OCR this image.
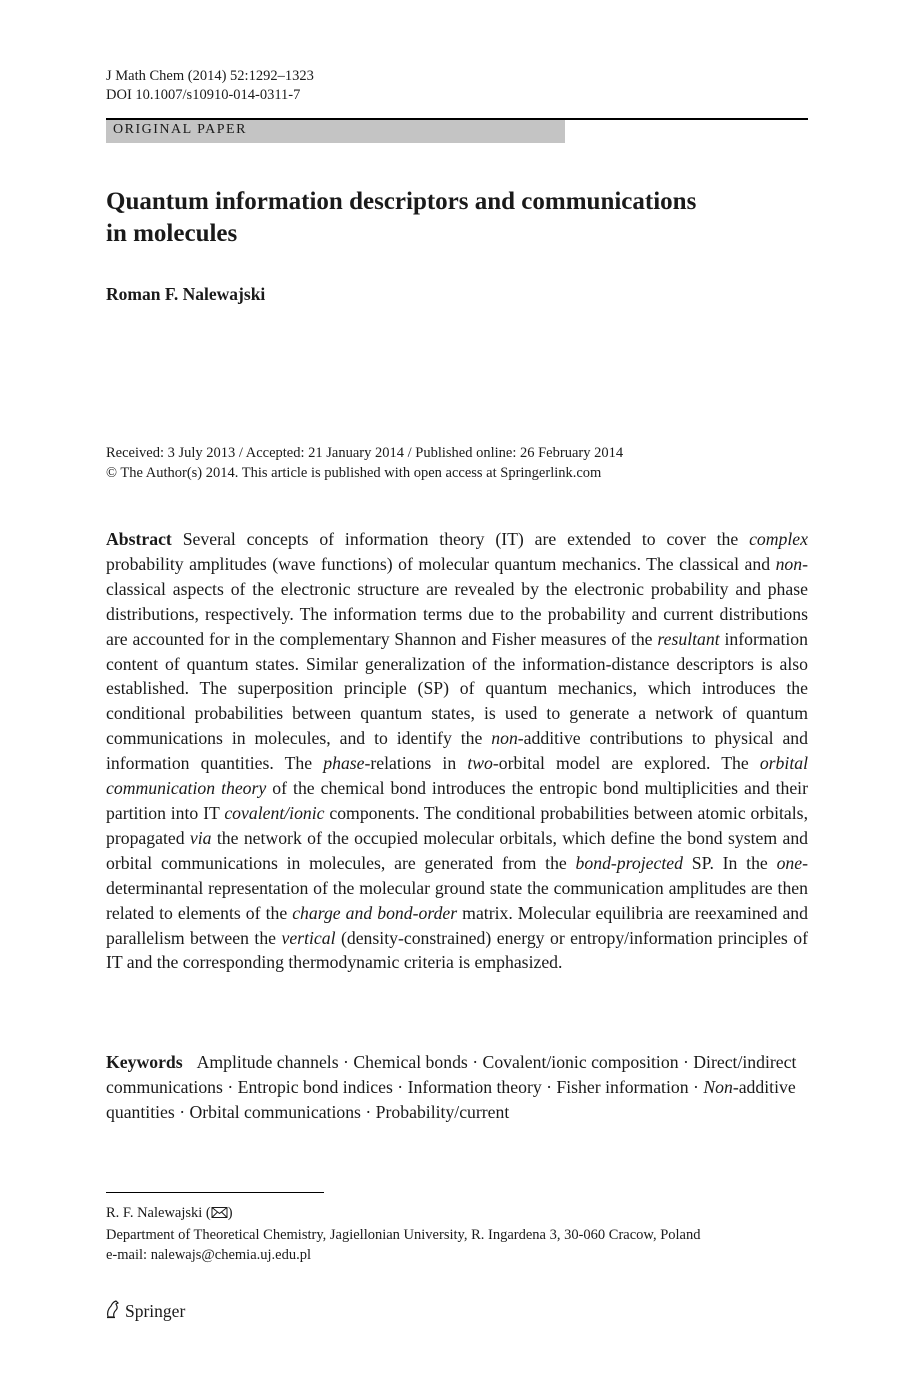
J Math Chem (2014) 52:1292–1323
DOI 10.1007/s10910-014-0311-7
ORIGINAL PAPER
Quantum information descriptors and communications
in molecules
Roman F. Nalewajski
Received: 3 July 2013 / Accepted: 21 January 2014 / Published online: 26 February 2014
© The Author(s) 2014. This article is published with open access at Springerlink.com
Abstract Several concepts of information theory (IT) are extended to cover the complex probability amplitudes (wave functions) of molecular quantum mechanics. The classical and non-classical aspects of the electronic structure are revealed by the electronic probability and phase distributions, respectively. The information terms due to the probability and current distributions are accounted for in the complementary Shannon and Fisher measures of the resultant information content of quantum states. Similar generalization of the information-distance descriptors is also established. The superposition principle (SP) of quantum mechanics, which introduces the conditional probabilities between quantum states, is used to generate a network of quantum communications in molecules, and to identify the non-additive contributions to physical and information quantities. The phase-relations in two-orbital model are explored. The orbital communication theory of the chemical bond introduces the entropic bond multiplicities and their partition into IT covalent/ionic components. The conditional probabilities between atomic orbitals, propagated via the network of the occupied molecular orbitals, which define the bond system and orbital communications in molecules, are generated from the bond-projected SP. In the one-determinantal representation of the molecular ground state the communication amplitudes are then related to elements of the charge and bond-order matrix. Molecular equilibria are reexamined and parallelism between the vertical (density-constrained) energy or entropy/information principles of IT and the corresponding thermodynamic criteria is emphasized.
Keywords Amplitude channels · Chemical bonds · Covalent/ionic composition · Direct/indirect communications · Entropic bond indices · Information theory · Fisher information · Non-additive quantities · Orbital communications · Probability/current
R. F. Nalewajski ( )
Department of Theoretical Chemistry, Jagiellonian University, R. Ingardena 3, 30-060 Cracow, Poland
e-mail: nalewajs@chemia.uj.edu.pl
Springer
